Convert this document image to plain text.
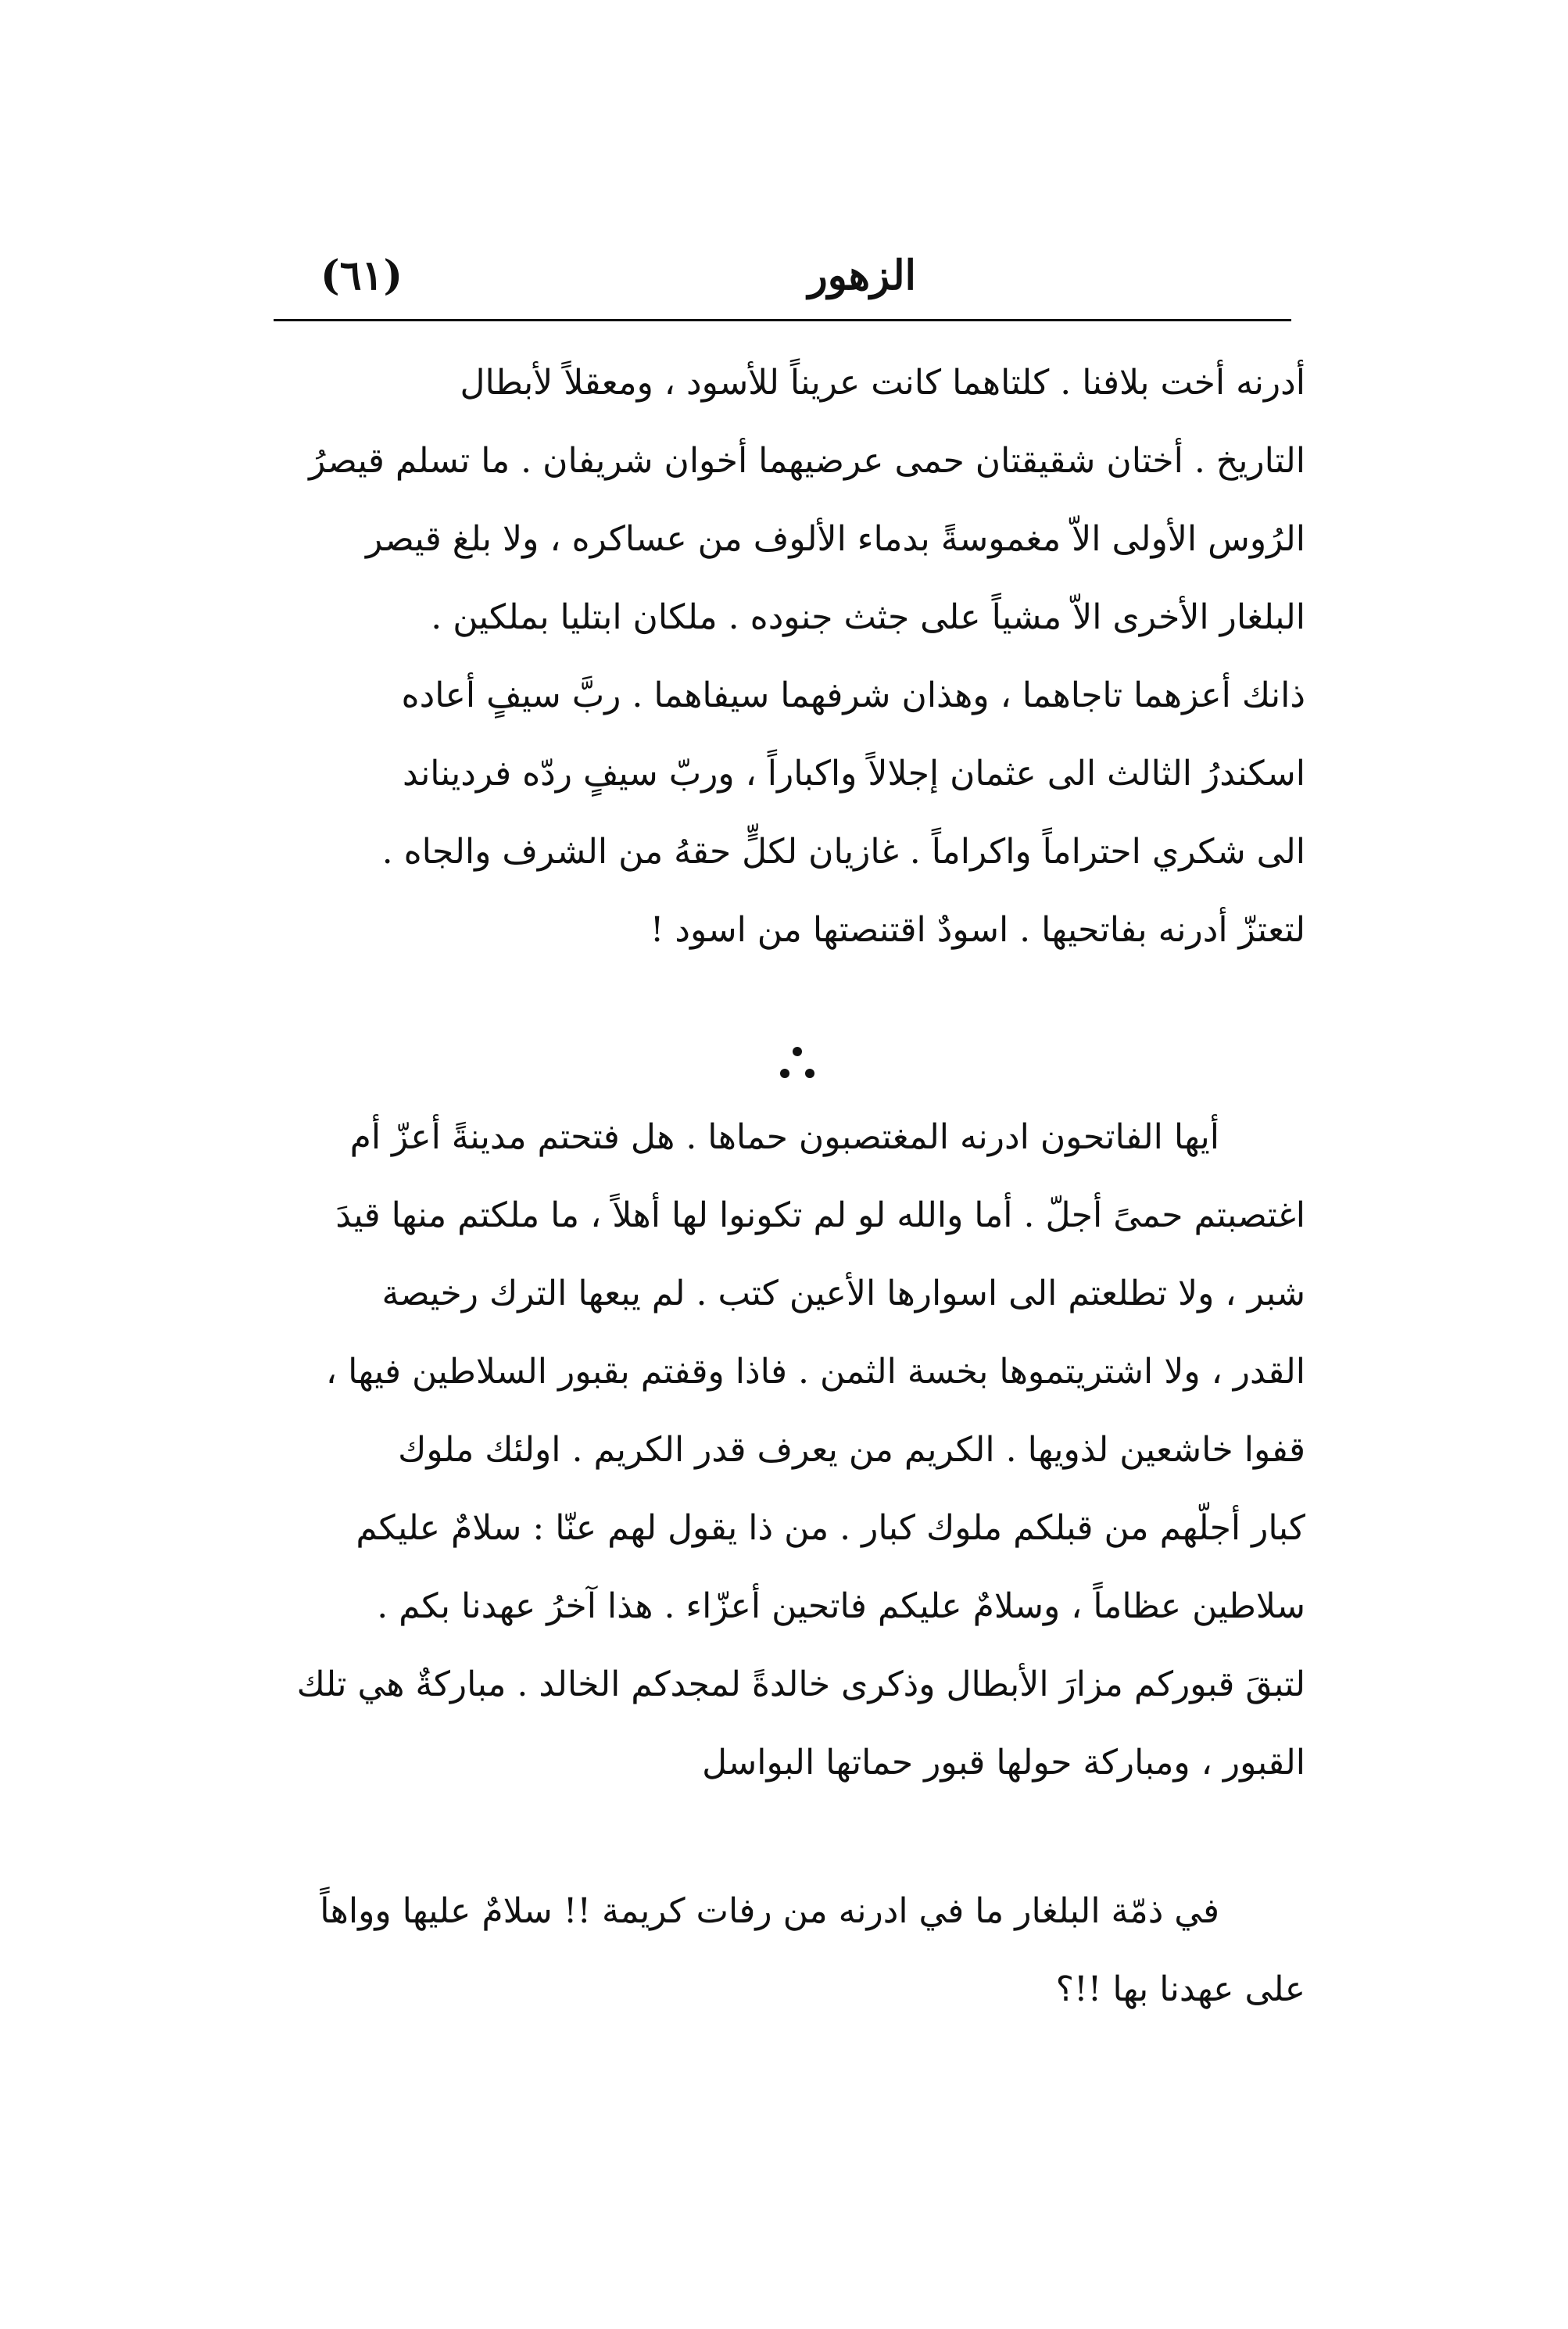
الزهور
(٦١)
أدرنه أخت بلافنا . كلتاهما كانت عريناً للأسود ، ومعقلاً لأبطال
التاريخ . أختان شقيقتان حمى عرضيهما أخوان شريفان . ما تسلم قيصرُ
الرُوس الأولى الاّ مغموسةً بدماء الألوف من عساكره ، ولا بلغ قيصر
البلغار الأخرى الاّ مشياً على جثث جنوده . ملكان ابتليا بملكين .
ذانك أعزهما تاجاهما ، وهذان شرفهما سيفاهما . ربَّ سيفٍ أعاده
اسكندرُ الثالث الى عثمان إجلالاً واكباراً ، وربّ سيفٍ ردّه فرديناند
الى شكري احتراماً واكراماً . غازيان لكلٍّ حقهُ من الشرف والجاه .
لتعتزّ أدرنه بفاتحيها . اسودٌ اقتنصتها من اسود !
أيها الفاتحون ادرنه المغتصبون حماها . هل فتحتم مدينةً أعزّ أم
اغتصبتم حمىً أجلّ . أما والله لو لم تكونوا لها أهلاً ، ما ملكتم منها قيدَ
شبر ، ولا تطلعتم الى اسوارها الأعين كتب . لم يبعها الترك رخيصة
القدر ، ولا اشتريتموها بخسة الثمن . فاذا وقفتم بقبور السلاطين فيها ،
قفوا خاشعين لذويها . الكريم من يعرف قدر الكريم . اولئك ملوك
كبار أجلّهم من قبلكم ملوك كبار . من ذا يقول لهم عنّا : سلامٌ عليكم
سلاطين عظاماً ، وسلامٌ عليكم فاتحين أعزّاء . هذا آخرُ عهدنا بكم .
لتبقَ قبوركم مزارَ الأبطال وذكرى خالدةً لمجدكم الخالد . مباركةٌ هي تلك
القبور ، ومباركة حولها قبور حماتها البواسل
في ذمّة البلغار ما في ادرنه من رفات كريمة !! سلامٌ عليها وواهاً
على عهدنا بها !!؟
